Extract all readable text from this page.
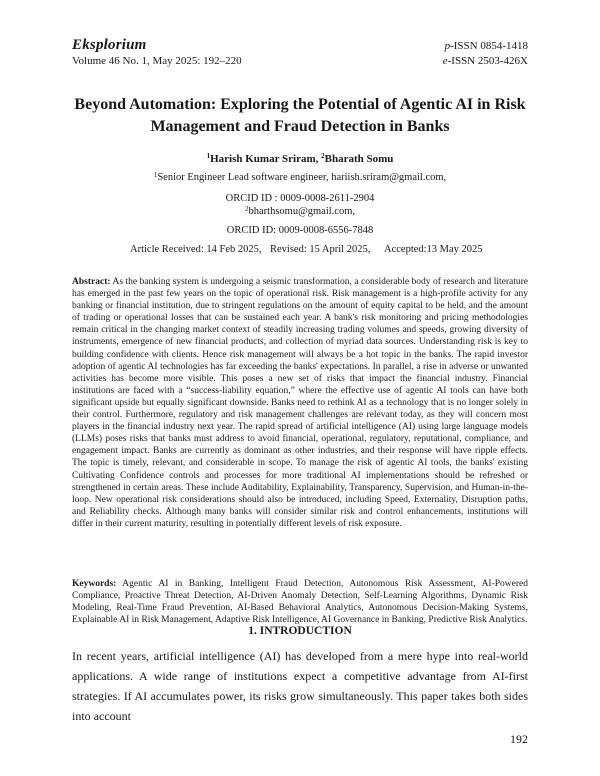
Eksplorium	p-ISSN 0854-1418
Volume 46 No. 1, May 2025: 192–220	e-ISSN 2503-426X
Beyond Automation: Exploring the Potential of Agentic AI in Risk Management and Fraud Detection in Banks
$^1$Harish Kumar Sriram, $^2$Bharath Somu
$^1$Senior Engineer Lead software engineer, hariish.sriram@gmail.com,
ORCID ID : 0009-0008-2611-2904
$^2$bharthsomu@gmail.com,
ORCID ID: 0009-0008-6556-7848
Article Received: 14 Feb 2025, Revised: 15 April 2025, Accepted:13 May 2025
Abstract: As the banking system is undergoing a seismic transformation, a considerable body of research and literature has emerged in the past few years on the topic of operational risk. Risk management is a high-profile activity for any banking or financial institution, due to stringent regulations on the amount of equity capital to be held, and the amount of trading or operational losses that can be sustained each year. A bank's risk monitoring and pricing methodologies remain critical in the changing market context of steadily increasing trading volumes and speeds, growing diversity of instruments, emergence of new financial products, and collection of myriad data sources. Understanding risk is key to building confidence with clients. Hence risk management will always be a hot topic in the banks. The rapid investor adoption of agentic AI technologies has far exceeding the banks' expectations. In parallel, a rise in adverse or unwanted activities has become more visible. This poses a new set of risks that impact the financial industry. Financial institutions are faced with a “success-liability equation,” where the effective use of agentic AI tools can have both significant upside but equally significant downside. Banks need to rethink AI as a technology that is no longer solely in their control. Furthermore, regulatory and risk management challenges are relevant today, as they will concern most players in the financial industry next year. The rapid spread of artificial intelligence (AI) using large language models (LLMs) poses risks that banks must address to avoid financial, operational, regulatory, reputational, compliance, and engagement impact. Banks are currently as dominant as other industries, and their response will have ripple effects. The topic is timely, relevant, and considerable in scope. To manage the risk of agentic AI tools, the banks' existing Cultivating Confidence controls and processes for more traditional AI implementations should be refreshed or strengthened in certain areas. These include Auditability, Explainability, Transparency, Supervision, and Human-in-the-loop. New operational risk considerations should also be introduced, including Speed, Externality, Disruption paths, and Reliability checks. Although many banks will consider similar risk and control enhancements, institutions will differ in their current maturity, resulting in potentially different levels of risk exposure.
Keywords: Agentic AI in Banking, Intelligent Fraud Detection, Autonomous Risk Assessment, AI-Powered Compliance, Proactive Threat Detection, AI-Driven Anomaly Detection, Self-Learning Algorithms, Dynamic Risk Modeling, Real-Time Fraud Prevention, AI-Based Behavioral Analytics, Autonomous Decision-Making Systems, Explainable AI in Risk Management, Adaptive Risk Intelligence, AI Governance in Banking, Predictive Risk Analytics.
1. INTRODUCTION
In recent years, artificial intelligence (AI) has developed from a mere hype into real-world applications. A wide range of institutions expect a competitive advantage from AI-first strategies. If AI accumulates power, its risks grow simultaneously. This paper takes both sides into account
192
